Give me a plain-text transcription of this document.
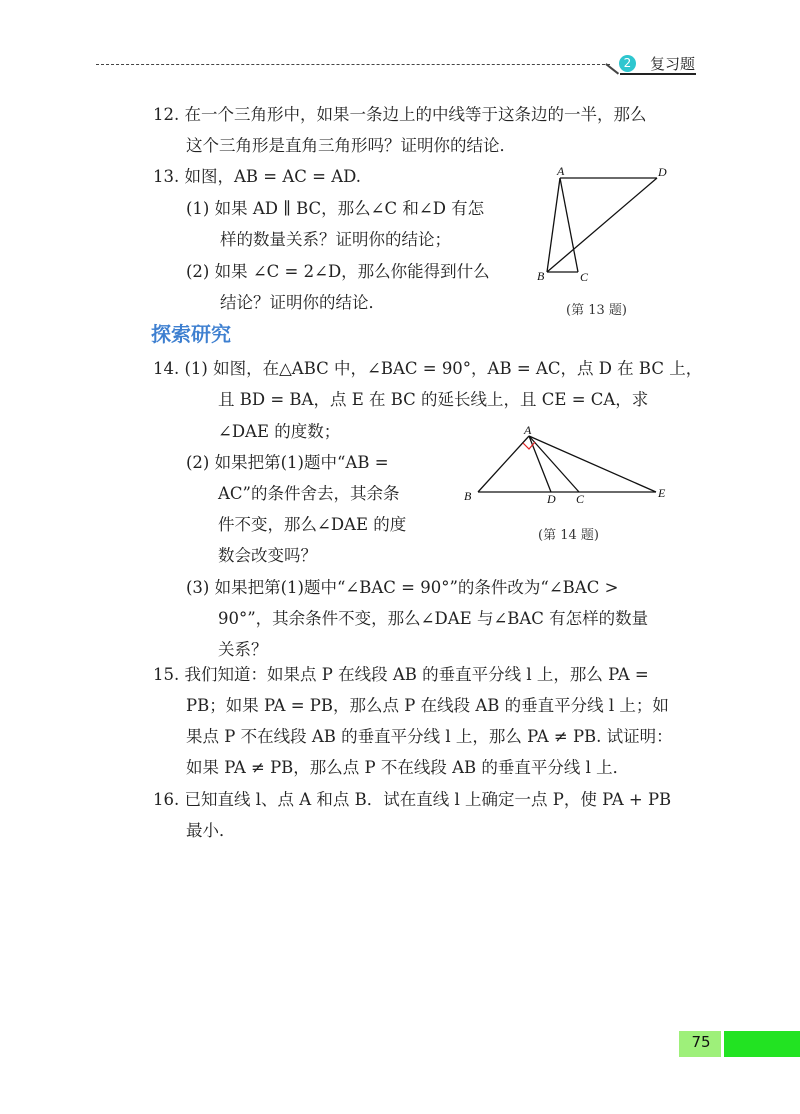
2	复习题
12. 在一个三角形中，如果一条边上的中线等于这条边的一半，那么
这个三角形是直角三角形吗？证明你的结论．
13. 如图，AB = AC = AD.
(1) 如果 AD ∥ BC，那么∠C 和∠D 有怎
样的数量关系？证明你的结论；
(2) 如果 ∠C = 2∠D，那么你能得到什么
结论？证明你的结论．
A	D
B	C
(第 13 题)
探索研究
14. (1) 如图，在△ABC 中，∠BAC = 90°，AB = AC，点 D 在 BC 上，
且 BD = BA，点 E 在 BC 的延长线上，且 CE = CA，求
∠DAE 的度数；
(2) 如果把第(1)题中“AB =
AC”的条件舍去，其余条
件不变，那么∠DAE 的度
数会改变吗？
(3) 如果把第(1)题中“∠BAC = 90°”的条件改为“∠BAC >
90°”，其余条件不变，那么∠DAE 与∠BAC 有怎样的数量
关系？
A
B	D C	E
(第 14 题)
15. 我们知道：如果点 P 在线段 AB 的垂直平分线 l 上，那么 PA =
PB；如果 PA = PB，那么点 P 在线段 AB 的垂直平分线 l 上；如
果点 P 不在线段 AB 的垂直平分线 l 上，那么 PA ≠ PB. 试证明：
如果 PA ≠ PB，那么点 P 不在线段 AB 的垂直平分线 l 上．
16. 已知直线 l、点 A 和点 B．试在直线 l 上确定一点 P，使 PA + PB
最小．
75
